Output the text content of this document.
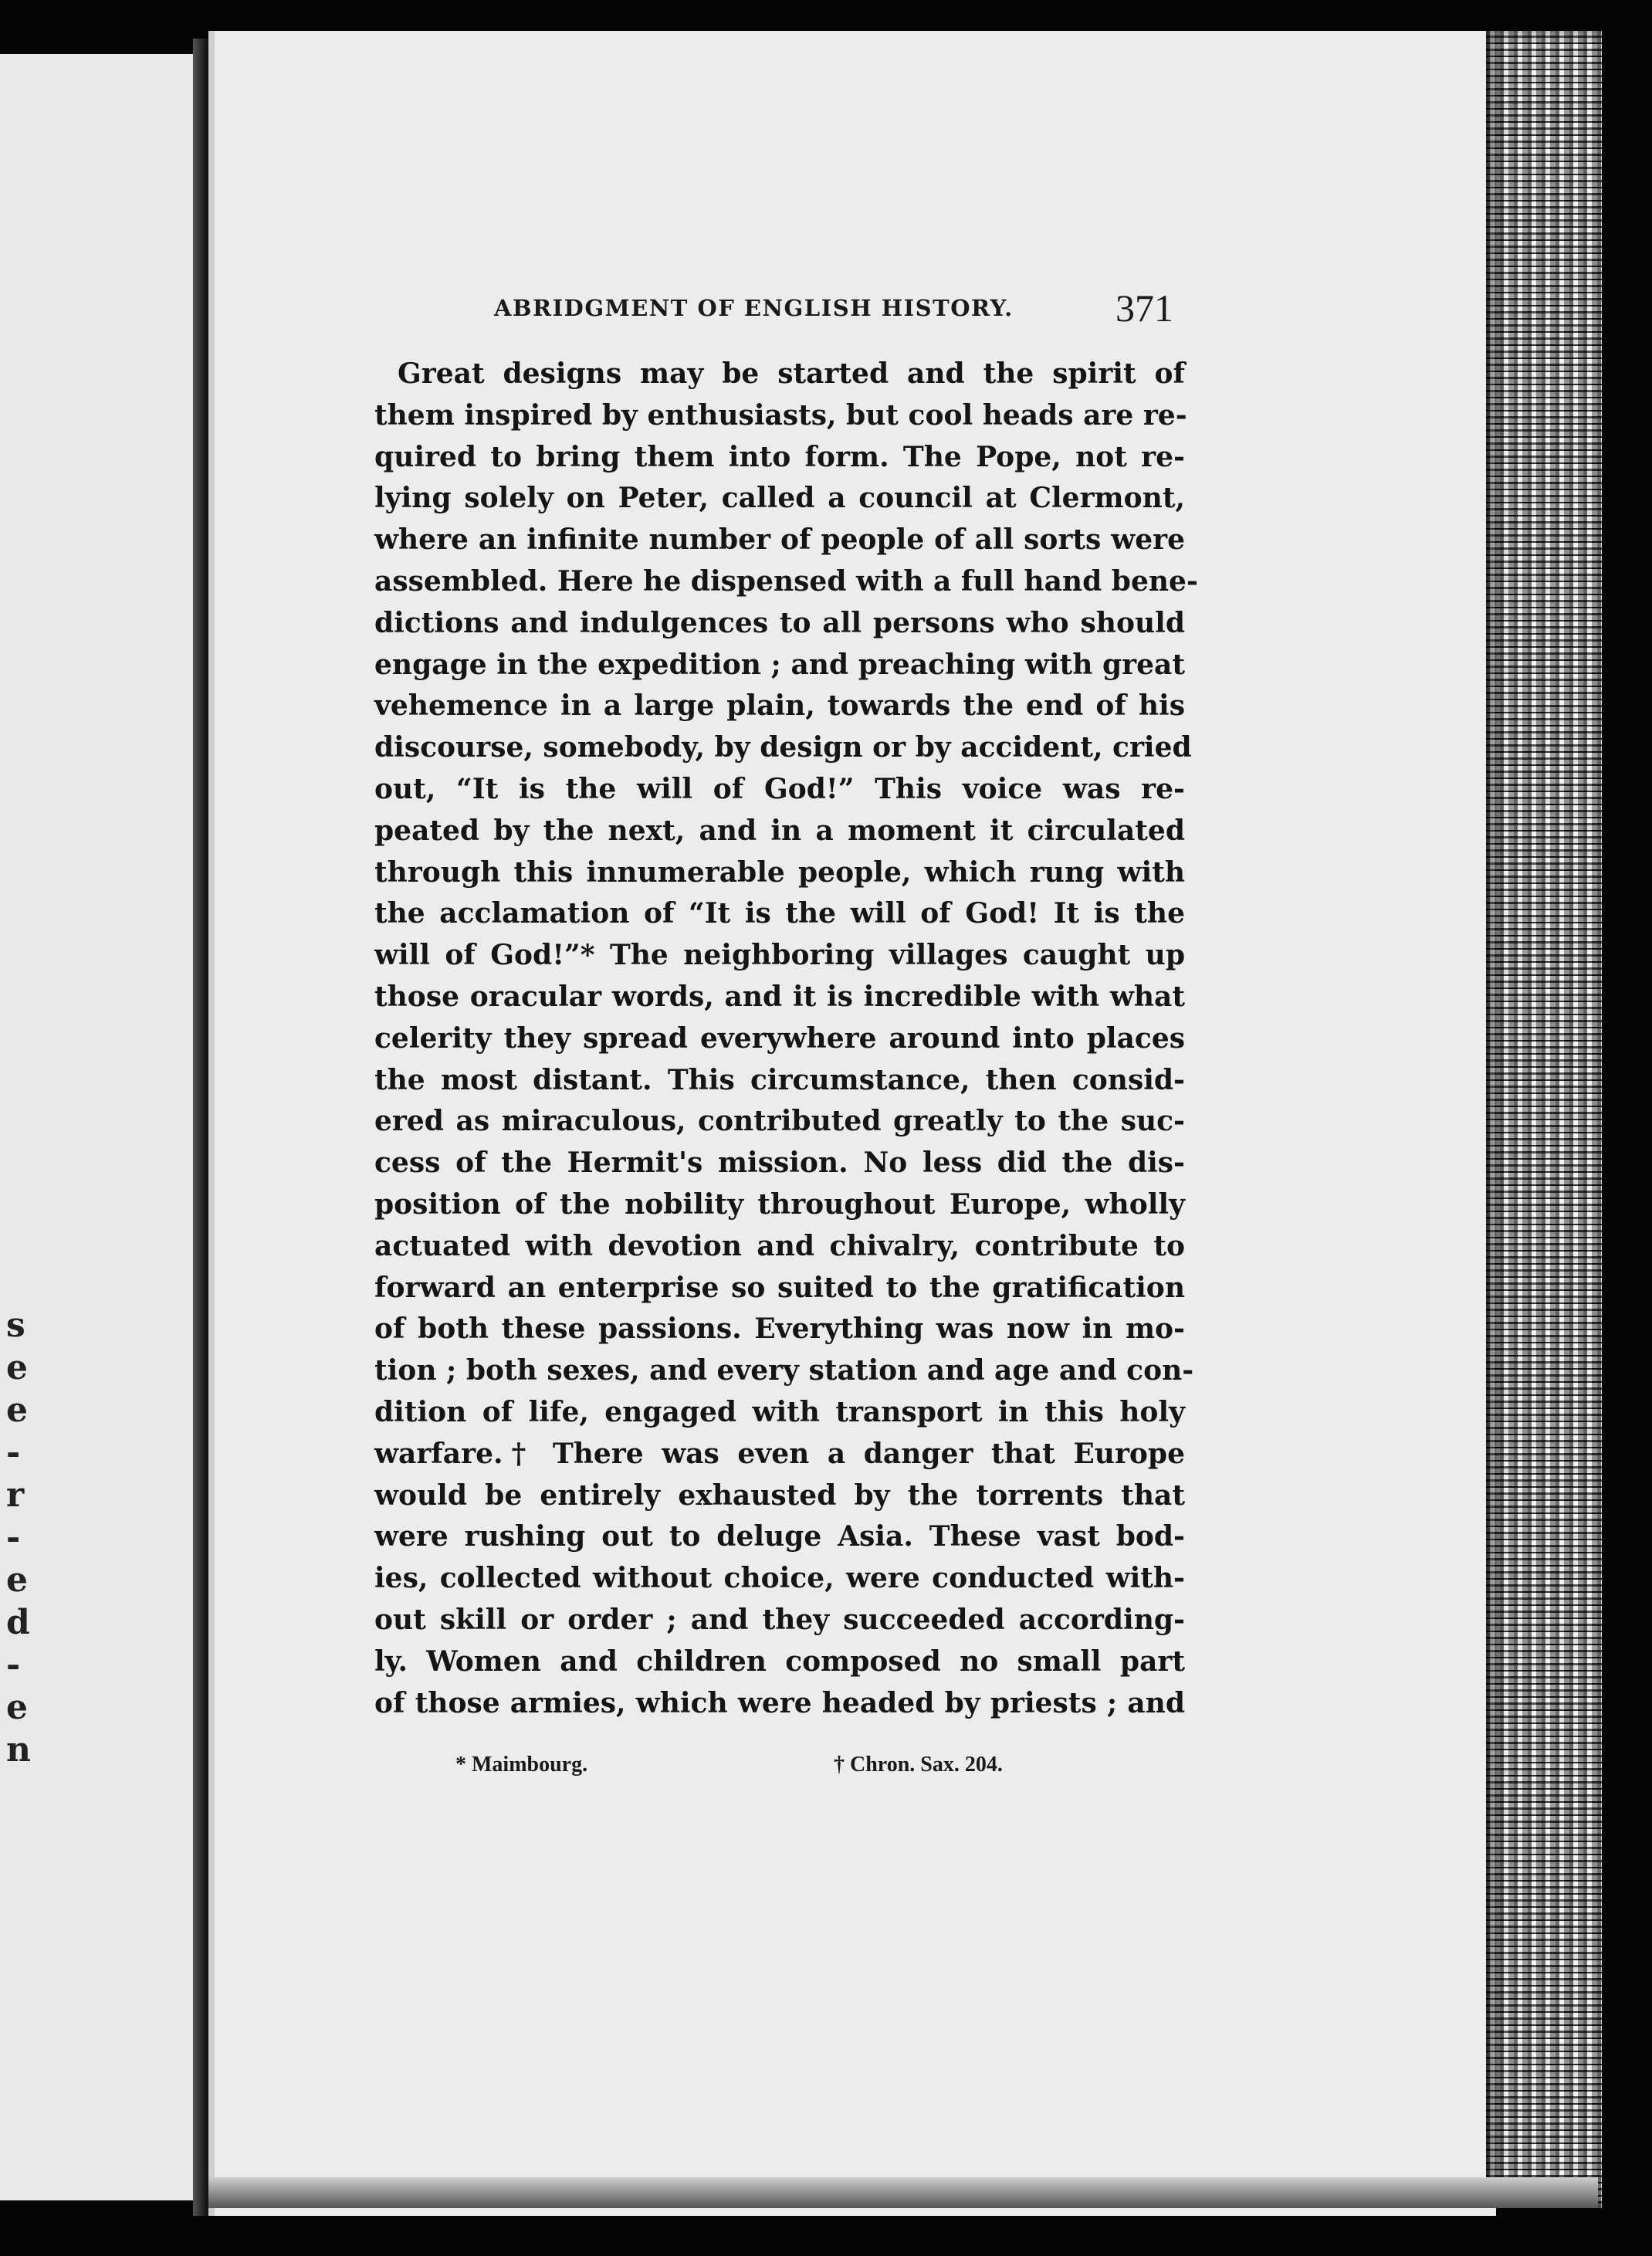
s
e
e
-
r
-
e
d
-
e
n
ABRIDGMENT OF ENGLISH HISTORY.	371
Great designs may be started and the spirit of
them inspired by enthusiasts, but cool heads are re-
quired to bring them into form. The Pope, not re-
lying solely on Peter, called a council at Clermont,
where an infinite number of people of all sorts were
assembled. Here he dispensed with a full hand bene-
dictions and indulgences to all persons who should
engage in the expedition ; and preaching with great
vehemence in a large plain, towards the end of his
discourse, somebody, by design or by accident, cried
out, “It is the will of God!” This voice was re-
peated by the next, and in a moment it circulated
through this innumerable people, which rung with
the acclamation of “It is the will of God! It is the
will of God!”* The neighboring villages caught up
those oracular words, and it is incredible with what
celerity they spread everywhere around into places
the most distant. This circumstance, then consid-
ered as miraculous, contributed greatly to the suc-
cess of the Hermit's mission. No less did the dis-
position of the nobility throughout Europe, wholly
actuated with devotion and chivalry, contribute to
forward an enterprise so suited to the gratification
of both these passions. Everything was now in mo-
tion ; both sexes, and every station and age and con-
dition of life, engaged with transport in this holy
warfare.† There was even a danger that Europe
would be entirely exhausted by the torrents that
were rushing out to deluge Asia. These vast bod-
ies, collected without choice, were conducted with-
out skill or order ; and they succeeded according-
ly. Women and children composed no small part
of those armies, which were headed by priests ; and
* Maimbourg.	† Chron. Sax. 204.
